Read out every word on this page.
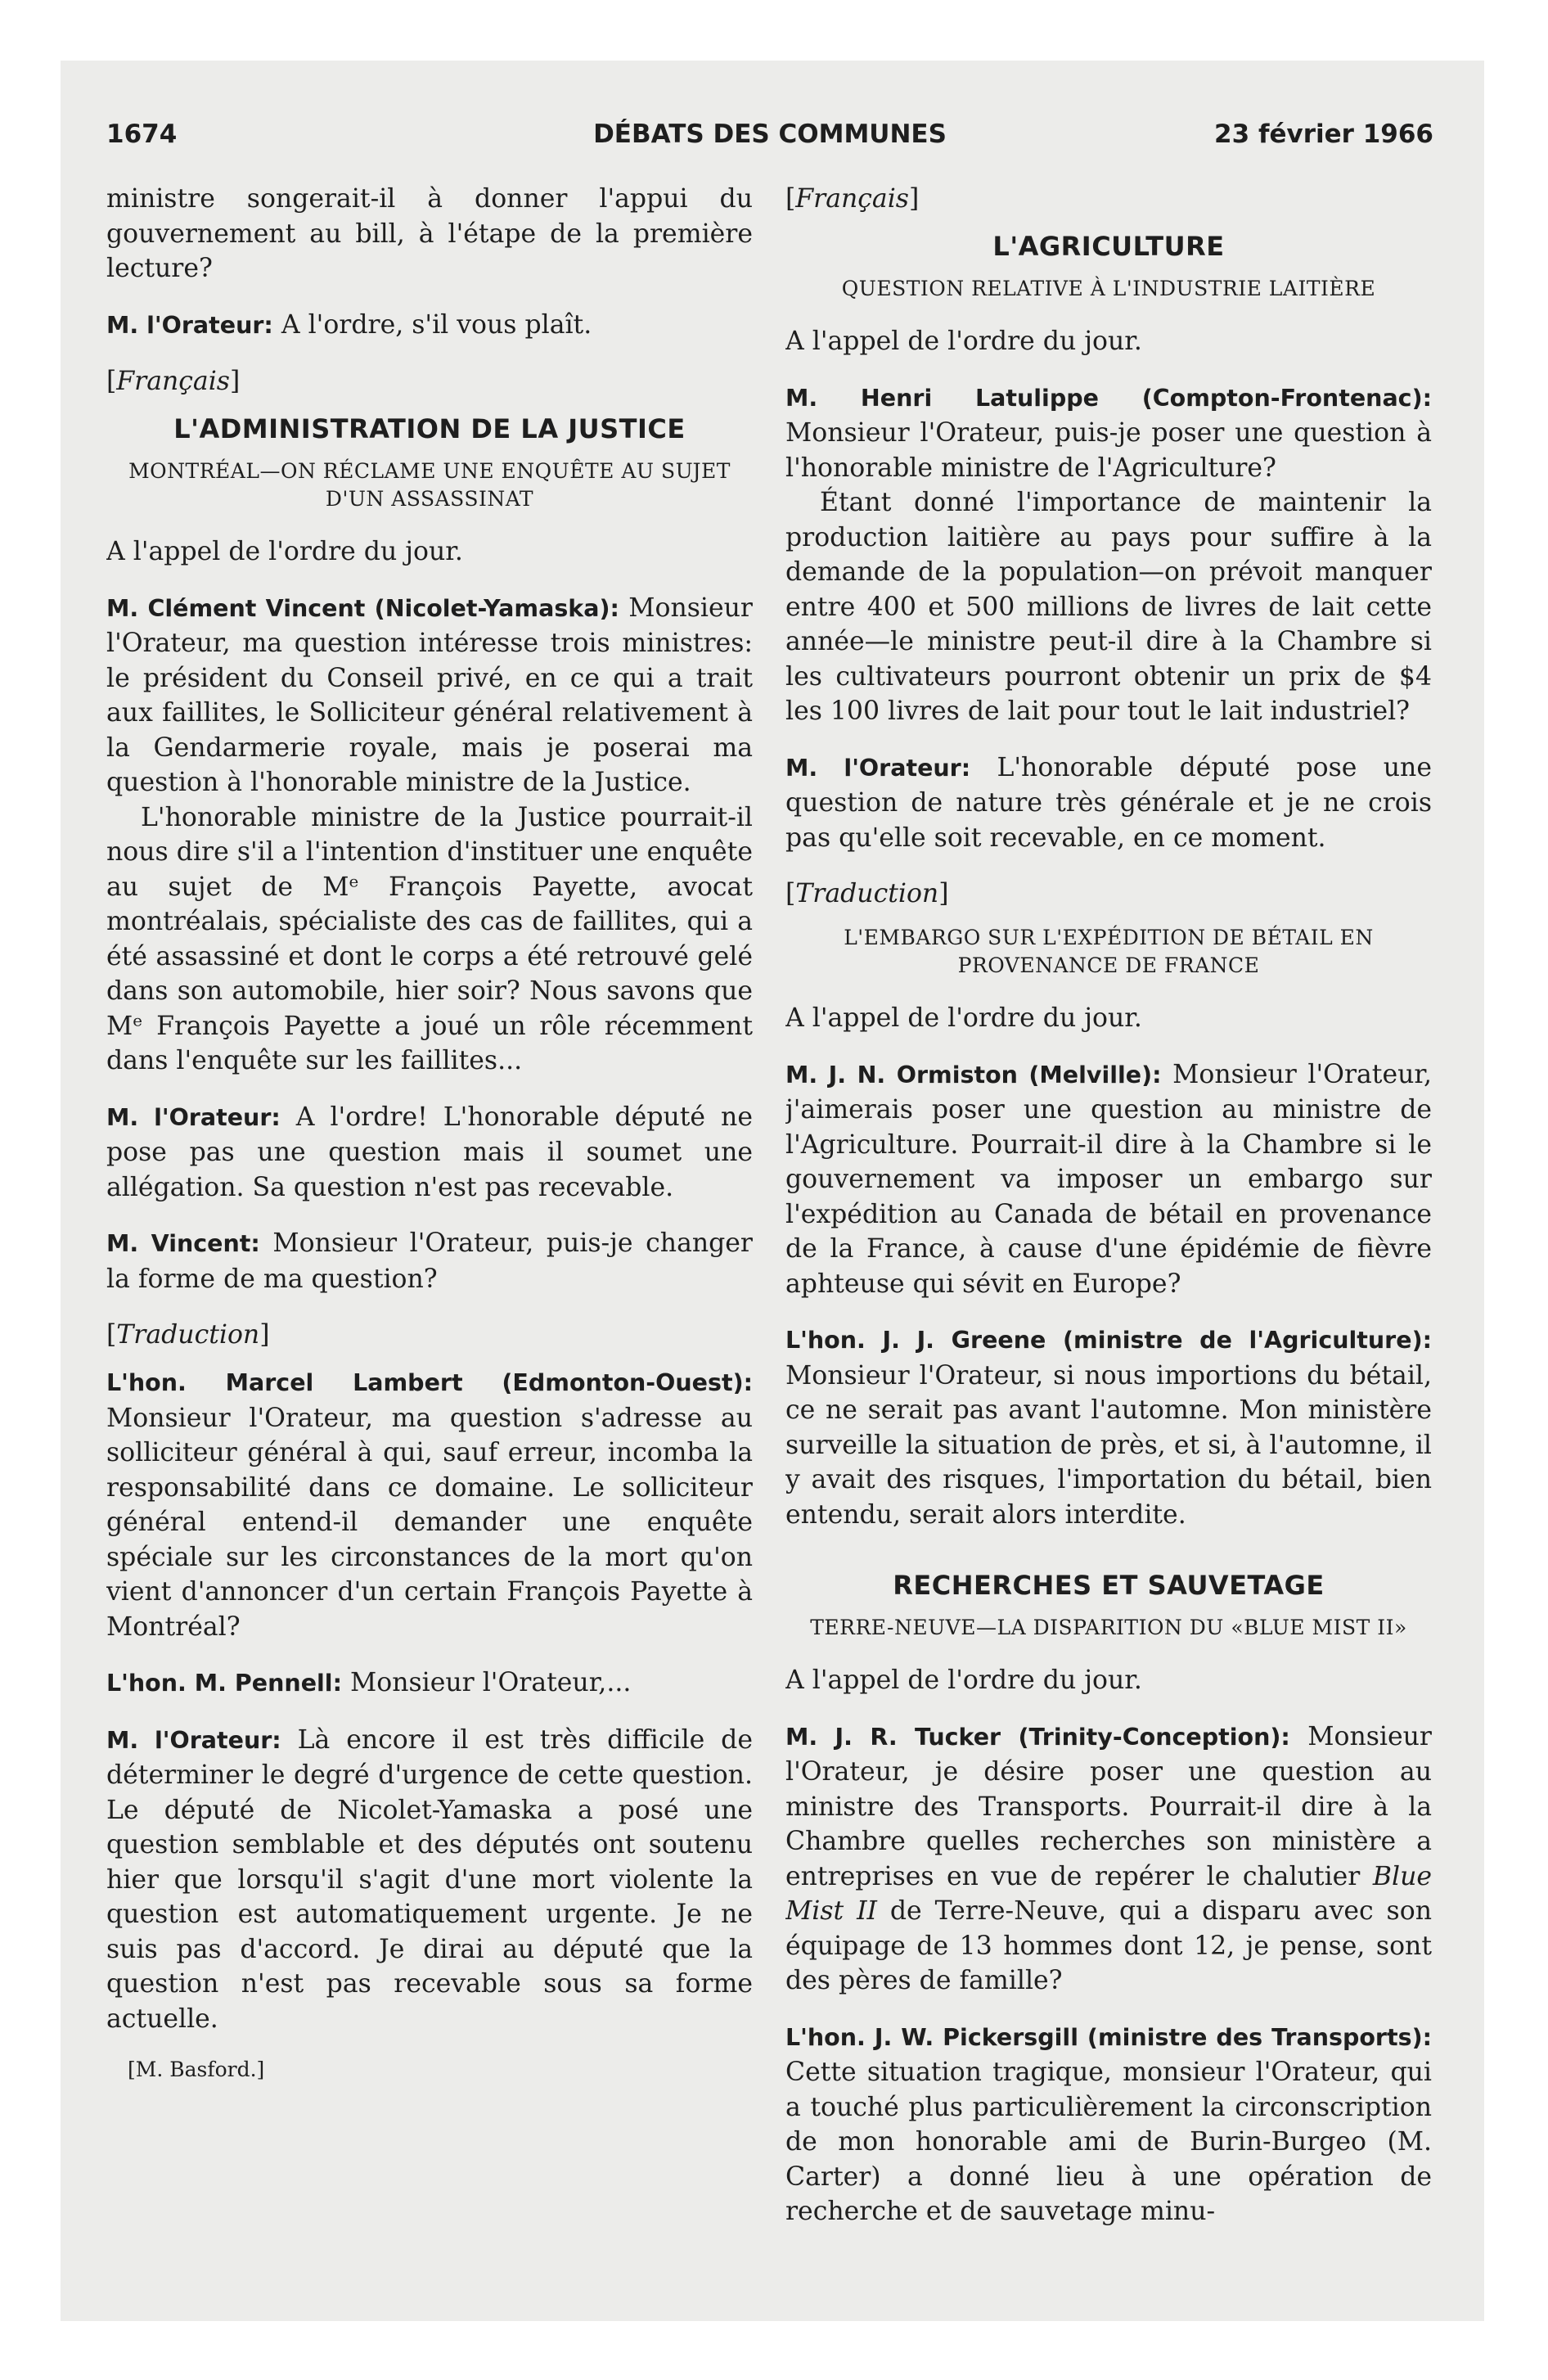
1674	DÉBATS DES COMMUNES	23 février 1966

ministre songerait-il à donner l'appui du gouvernement au bill, à l'étape de la première lecture?

M. l'Orateur: A l'ordre, s'il vous plaît.

[Français]
L'ADMINISTRATION DE LA JUSTICE
MONTRÉAL—ON RÉCLAME UNE ENQUÊTE AU SUJET D'UN ASSASSINAT

A l'appel de l'ordre du jour.

M. Clément Vincent (Nicolet-Yamaska): Monsieur l'Orateur, ma question intéresse trois ministres: le président du Conseil privé, en ce qui a trait aux faillites, le Solliciteur général relativement à la Gendarmerie royale, mais je poserai ma question à l'honorable ministre de la Justice.

L'honorable ministre de la Justice pourrait-il nous dire s'il a l'intention d'instituer une enquête au sujet de Mᵉ François Payette, avocat montréalais, spécialiste des cas de faillites, qui a été assassiné et dont le corps a été retrouvé gelé dans son automobile, hier soir? Nous savons que Mᵉ François Payette a joué un rôle récemment dans l'enquête sur les faillites...

M. l'Orateur: A l'ordre! L'honorable député ne pose pas une question mais il soumet une allégation. Sa question n'est pas recevable.

M. Vincent: Monsieur l'Orateur, puis-je changer la forme de ma question?

[Traduction]

L'hon. Marcel Lambert (Edmonton-Ouest): Monsieur l'Orateur, ma question s'adresse au solliciteur général à qui, sauf erreur, incomba la responsabilité dans ce domaine. Le solliciteur général entend-il demander une enquête spéciale sur les circonstances de la mort qu'on vient d'annoncer d'un certain François Payette à Montréal?

L'hon. M. Pennell: Monsieur l'Orateur,...

M. l'Orateur: Là encore il est très difficile de déterminer le degré d'urgence de cette question. Le député de Nicolet-Yamaska a posé une question semblable et des députés ont soutenu hier que lorsqu'il s'agit d'une mort violente la question est automatiquement urgente. Je ne suis pas d'accord. Je dirai au député que la question n'est pas recevable sous sa forme actuelle.

[M. Basford.]
[Français]
L'AGRICULTURE
QUESTION RELATIVE À L'INDUSTRIE LAITIÈRE

A l'appel de l'ordre du jour.

M. Henri Latulippe (Compton-Frontenac): Monsieur l'Orateur, puis-je poser une question à l'honorable ministre de l'Agriculture?

Étant donné l'importance de maintenir la production laitière au pays pour suffire à la demande de la population—on prévoit manquer entre 400 et 500 millions de livres de lait cette année—le ministre peut-il dire à la Chambre si les cultivateurs pourront obtenir un prix de $4 les 100 livres de lait pour tout le lait industriel?

M. l'Orateur: L'honorable député pose une question de nature très générale et je ne crois pas qu'elle soit recevable, en ce moment.

[Traduction]
L'EMBARGO SUR L'EXPÉDITION DE BÉTAIL EN PROVENANCE DE FRANCE

A l'appel de l'ordre du jour.

M. J. N. Ormiston (Melville): Monsieur l'Orateur, j'aimerais poser une question au ministre de l'Agriculture. Pourrait-il dire à la Chambre si le gouvernement va imposer un embargo sur l'expédition au Canada de bétail en provenance de la France, à cause d'une épidémie de fièvre aphteuse qui sévit en Europe?

L'hon. J. J. Greene (ministre de l'Agriculture): Monsieur l'Orateur, si nous importions du bétail, ce ne serait pas avant l'automne. Mon ministère surveille la situation de près, et si, à l'automne, il y avait des risques, l'importation du bétail, bien entendu, serait alors interdite.

RECHERCHES ET SAUVETAGE
TERRE-NEUVE—LA DISPARITION DU «BLUE MIST II»

A l'appel de l'ordre du jour.

M. J. R. Tucker (Trinity-Conception): Monsieur l'Orateur, je désire poser une question au ministre des Transports. Pourrait-il dire à la Chambre quelles recherches son ministère a entreprises en vue de repérer le chalutier Blue Mist II de Terre-Neuve, qui a disparu avec son équipage de 13 hommes dont 12, je pense, sont des pères de famille?

L'hon. J. W. Pickersgill (ministre des Transports): Cette situation tragique, monsieur l'Orateur, qui a touché plus particulièrement la circonscription de mon honorable ami de Burin-Burgeo (M. Carter) a donné lieu à une opération de recherche et de sauvetage minu-
